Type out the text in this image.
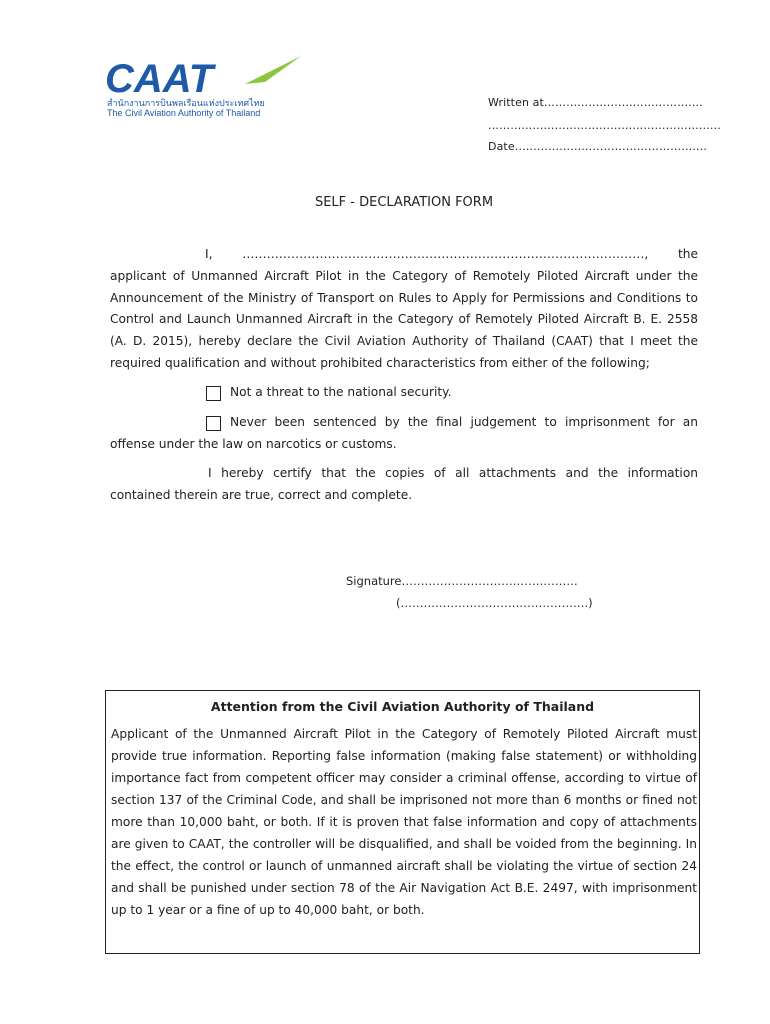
CAAT
สำนักงานการบินพลเรือนแห่งประเทศไทย
The Civil Aviation Authority of Thailand
Written at…………………………………….
………………………………………………….…..
Date…………………………………………….
SELF - DECLARATION FORM
I, ………………………………………………………………………………………, the applicant of Unmanned Aircraft Pilot in the Category of Remotely Piloted Aircraft under the Announcement of the Ministry of Transport on Rules to Apply for Permissions and Conditions to Control and Launch Unmanned Aircraft in the Category of Remotely Piloted Aircraft B. E. 2558 (A. D. 2015), hereby declare the Civil Aviation Authority of Thailand (CAAT) that I meet the required qualification and without prohibited characteristics from either of the following;
Not a threat to the national security.
Never been sentenced by the final judgement to imprisonment for an offense under the law on narcotics or customs.
I hereby certify that the copies of all attachments and the information contained therein are true, correct and complete.
Signature……………………………………….
(………………………………………….)
Attention from the Civil Aviation Authority of Thailand
Applicant of the Unmanned Aircraft Pilot in the Category of Remotely Piloted Aircraft must provide true information. Reporting false information (making false statement) or withholding importance fact from competent officer may consider a criminal offense, according to virtue of section 137 of the Criminal Code, and shall be imprisoned not more than 6 months or fined not more than 10,000 baht, or both. If it is proven that false information and copy of attachments are given to CAAT, the controller will be disqualified, and shall be voided from the beginning. In the effect, the control or launch of unmanned aircraft shall be violating the virtue of section 24 and shall be punished under section 78 of the Air Navigation Act B.E. 2497, with imprisonment up to 1 year or a fine of up to 40,000 baht, or both.
